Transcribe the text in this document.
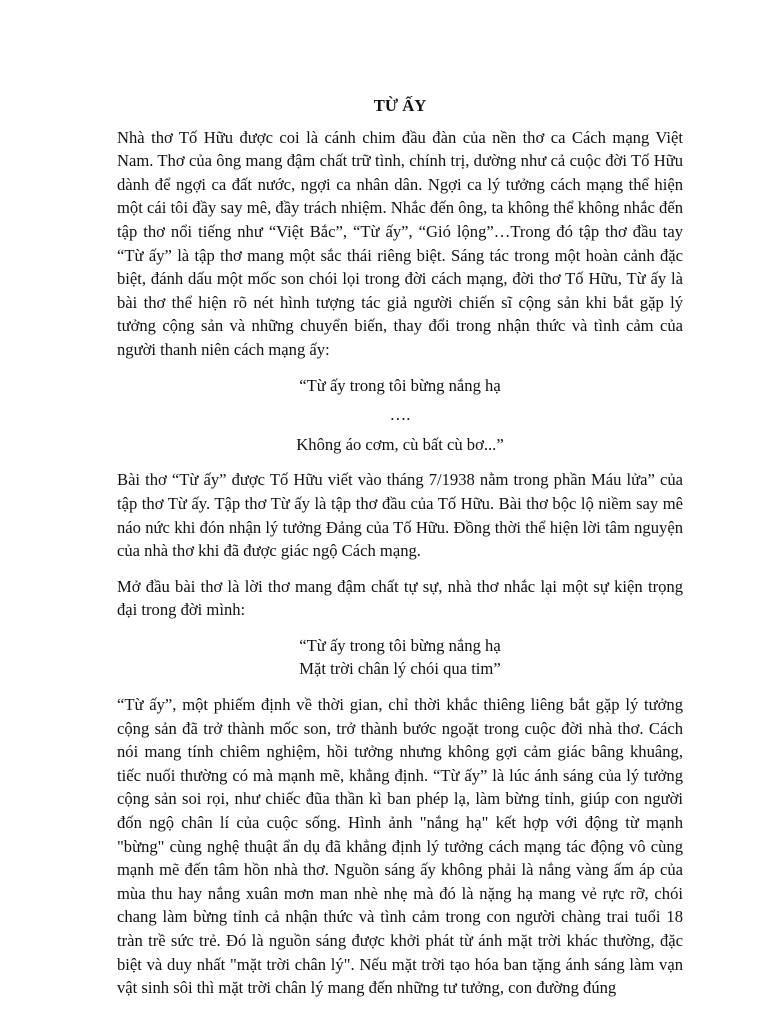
TỪ ẤY

Nhà thơ Tố Hữu được coi là cánh chim đầu đàn của nền thơ ca Cách mạng Việt Nam. Thơ của ông mang đậm chất trữ tình, chính trị, dường như cả cuộc đời Tố Hữu dành để ngợi ca đất nước, ngợi ca nhân dân. Ngợi ca lý tưởng cách mạng thể hiện một cái tôi đầy say mê, đầy trách nhiệm. Nhắc đến ông, ta không thể không nhắc đến tập thơ nổi tiếng như “Việt Bắc”, “Từ ấy”, “Gió lộng”…Trong đó tập thơ đầu tay “Từ ấy” là tập thơ mang một sắc thái riêng biệt. Sáng tác trong một hoàn cảnh đặc biệt, đánh dấu một mốc son chói lọi trong đời cách mạng, đời thơ Tố Hữu, Từ ấy là bài thơ thể hiện rõ nét hình tượng tác giả người chiến sĩ cộng sản khi bắt gặp lý tưởng cộng sản và những chuyển biến, thay đổi trong nhận thức và tình cảm của người thanh niên cách mạng ấy:

“Từ ấy trong tôi bừng nắng hạ
….
Không áo cơm, cù bất cù bơ...”

Bài thơ “Từ ấy” được Tố Hữu viết vào tháng 7/1938 nằm trong phần Máu lửa” của tập thơ Từ ấy. Tập thơ Từ ấy là tập thơ đầu của Tố Hữu. Bài thơ bộc lộ niềm say mê náo nức khi đón nhận lý tưởng Đảng của Tố Hữu. Đồng thời thể hiện lời tâm nguyện của nhà thơ khi đã được giác ngộ Cách mạng.

Mở đầu bài thơ là lời thơ mang đậm chất tự sự, nhà thơ nhắc lại một sự kiện trọng đại trong đời mình:

“Từ ấy trong tôi bừng nắng hạ
Mặt trời chân lý chói qua tim”

“Từ ấy”, một phiếm định về thời gian, chỉ thời khắc thiêng liêng bắt gặp lý tưởng cộng sản đã trở thành mốc son, trở thành bước ngoặt trong cuộc đời nhà thơ. Cách nói mang tính chiêm nghiệm, hồi tưởng nhưng không gợi cảm giác bâng khuâng, tiếc nuối thường có mà mạnh mẽ, khẳng định. “Từ ấy” là lúc ánh sáng của lý tưởng cộng sản soi rọi, như chiếc đũa thần kì ban phép lạ, làm bừng tỉnh, giúp con người đốn ngộ chân lí của cuộc sống. Hình ảnh "nắng hạ" kết hợp với động từ mạnh "bừng" cùng nghệ thuật ẩn dụ đã khẳng định lý tưởng cách mạng tác động vô cùng mạnh mẽ đến tâm hồn nhà thơ. Nguồn sáng ấy không phải là nắng vàng ấm áp của mùa thu hay nắng xuân mơn man nhè nhẹ mà đó là nặng hạ mang vẻ rực rỡ, chói chang làm bừng tỉnh cả nhận thức và tình cảm trong con người chàng trai tuổi 18 tràn trề sức trẻ. Đó là nguồn sáng được khởi phát từ ánh mặt trời khác thường, đặc biệt và duy nhất "mặt trời chân lý". Nếu mặt trời tạo hóa ban tặng ánh sáng làm vạn vật sinh sôi thì mặt trời chân lý mang đến những tư tưởng, con đường đúng
